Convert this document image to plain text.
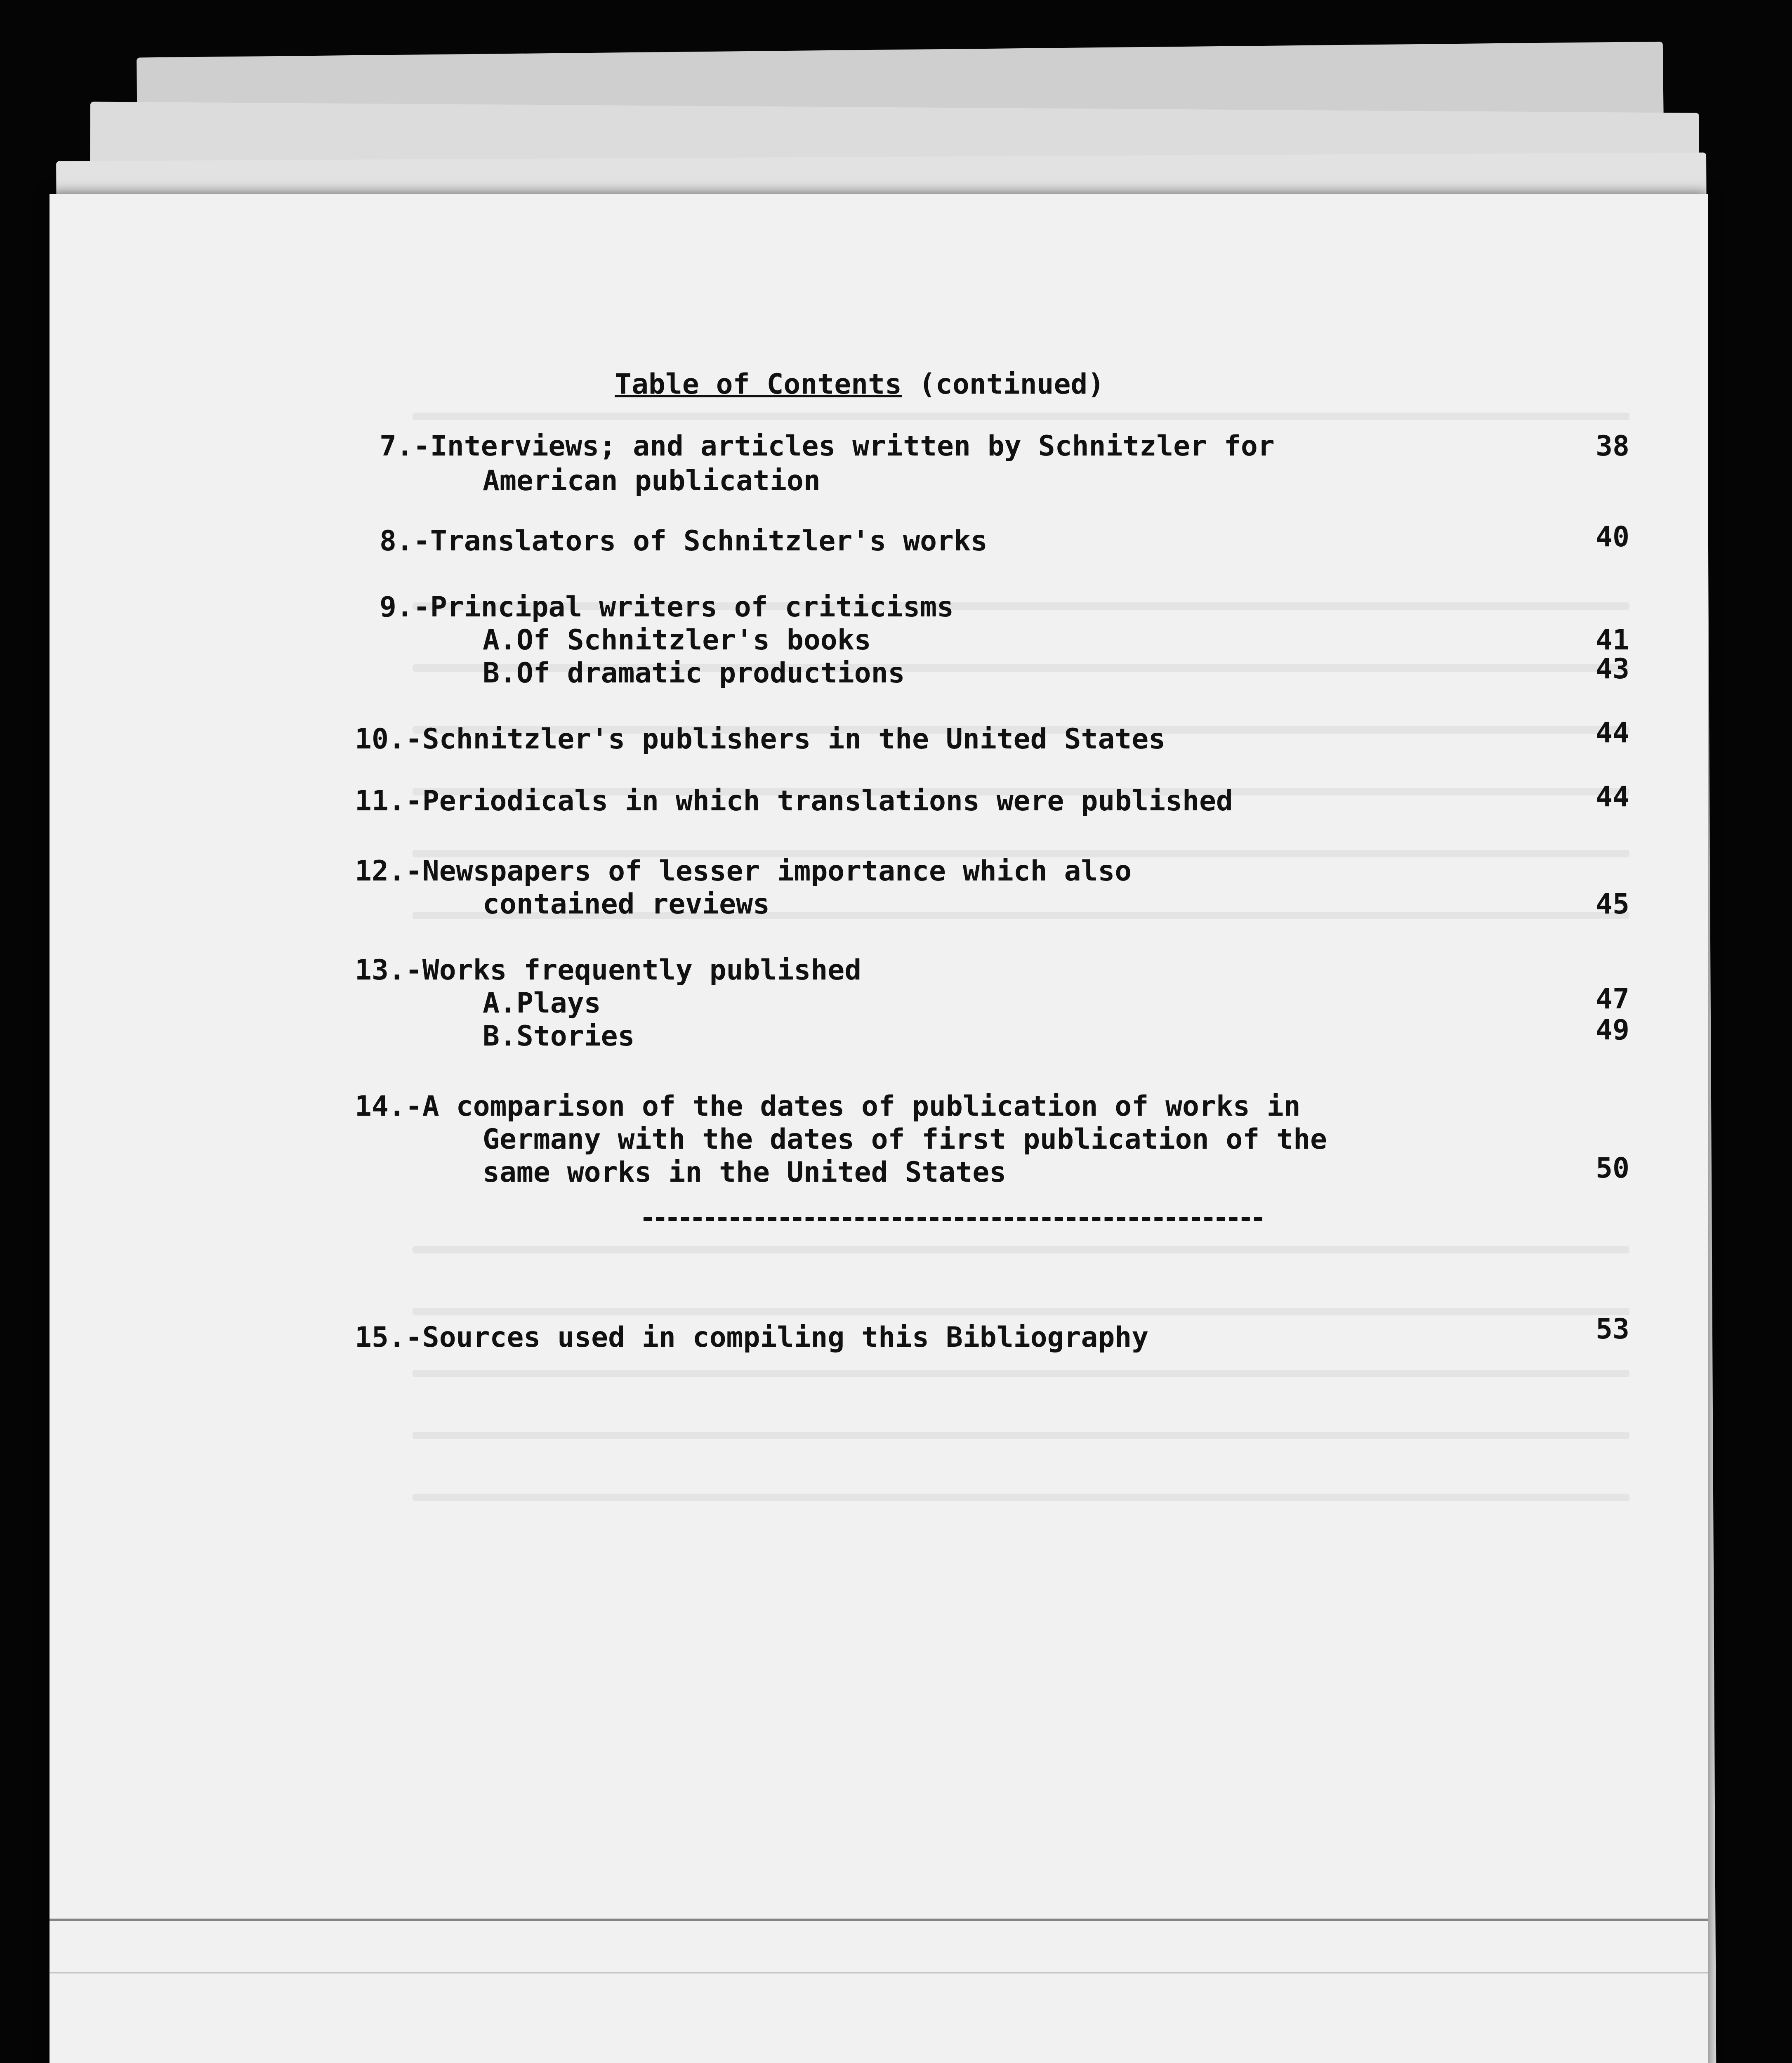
Table of Contents (continued)
7.-Interviews; and articles written by Schnitzler for
American publication
38
8.-Translators of Schnitzler's works	40
9.-Principal writers of criticisms
A.Of Schnitzler's books	41
B.Of dramatic productions	43
10.-Schnitzler's publishers in the United States	44
11.-Periodicals in which translations were published	44
12.-Newspapers of lesser importance which also
contained reviews	45
13.-Works frequently published
A.Plays	47
B.Stories	49
14.-A comparison of the dates of publication of works in
Germany with the dates of first publication of the
same works in the United States	50
15.-Sources used in compiling this Bibliography	53
